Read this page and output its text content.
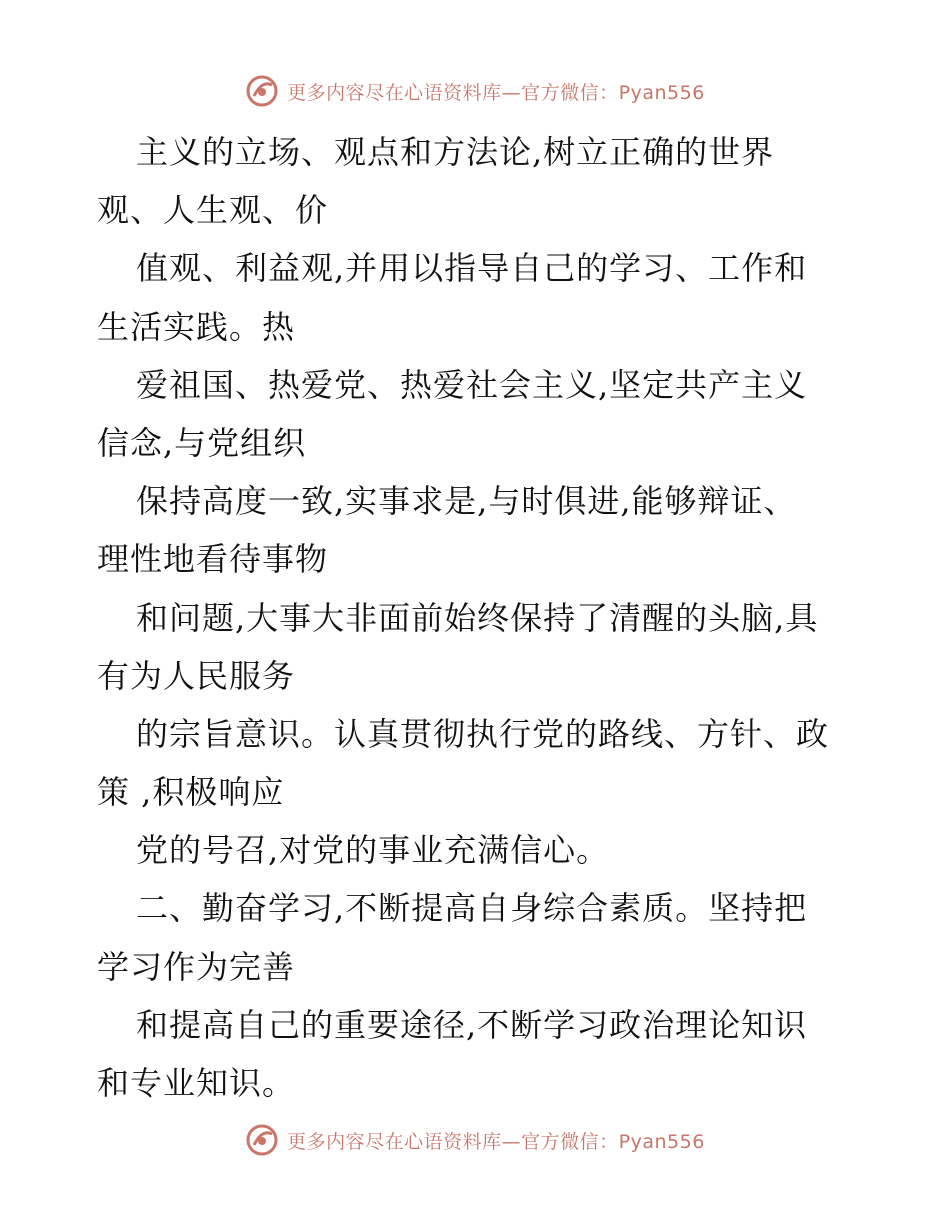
更多内容尽在心语资料库—官方微信：Pyan556
主义的立场、观点和方法论,树立正确的世界
观、人生观、价
值观、利益观,并用以指导自己的学习、工作和
生活实践。热
爱祖国、热爱党、热爱社会主义,坚定共产主义
信念,与党组织
保持高度一致,实事求是,与时俱进,能够辩证、
理性地看待事物
和问题,大事大非面前始终保持了清醒的头脑,具
有为人民服务
的宗旨意识。认真贯彻执行党的路线、方针、政
策 ,积极响应
党的号召,对党的事业充满信心。
二、勤奋学习,不断提高自身综合素质。坚持把
学习作为完善
和提高自己的重要途径,不断学习政治理论知识
和专业知识。
更多内容尽在心语资料库—官方微信：Pyan556
